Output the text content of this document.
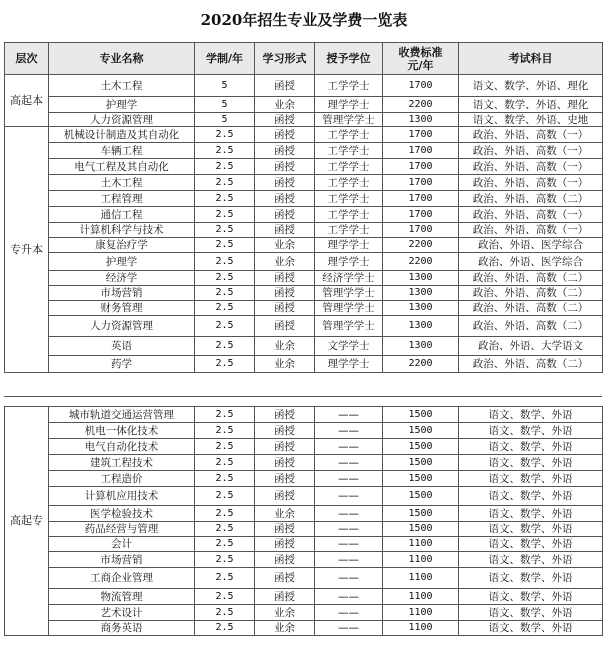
2020年招生专业及学费一览表
层次	专业名称	学制/年	学习形式	授予学位	收费标准
元/年	考试科目
高起本	土木工程	5	函授	工学学士	1700	语文、数学、外语、理化
	护理学	5	业余	理学学士	2200	语文、数学、外语、理化
	人力资源管理	5	函授	管理学学士	1300	语文、数学、外语、史地
专升本	机械设计制造及其自动化	2.5	函授	工学学士	1700	政治、外语、高数（一）
	车辆工程	2.5	函授	工学学士	1700	政治、外语、高数（一）
	电气工程及其自动化	2.5	函授	工学学士	1700	政治、外语、高数（一）
	土木工程	2.5	函授	工学学士	1700	政治、外语、高数（一）
	工程管理	2.5	函授	工学学士	1700	政治、外语、高数（二）
	通信工程	2.5	函授	工学学士	1700	政治、外语、高数（一）
	计算机科学与技术	2.5	函授	工学学士	1700	政治、外语、高数（一）
	康复治疗学	2.5	业余	理学学士	2200	政治、外语、医学综合
	护理学	2.5	业余	理学学士	2200	政治、外语、医学综合
	经济学	2.5	函授	经济学学士	1300	政治、外语、高数（二）
	市场营销	2.5	函授	管理学学士	1300	政治、外语、高数（二）
	财务管理	2.5	函授	管理学学士	1300	政治、外语、高数（二）
	人力资源管理	2.5	函授	管理学学士	1300	政治、外语、高数（二）
	英语	2.5	业余	文学学士	1300	政治、外语、大学语文
	药学	2.5	业余	理学学士	2200	政治、外语、高数（二）
高起专	城市轨道交通运营管理	2.5	函授	——	1500	语文、数学、外语
	机电一体化技术	2.5	函授	——	1500	语文、数学、外语
	电气自动化技术	2.5	函授	——	1500	语文、数学、外语
	建筑工程技术	2.5	函授	——	1500	语文、数学、外语
	工程造价	2.5	函授	——	1500	语文、数学、外语
	计算机应用技术	2.5	函授	——	1500	语文、数学、外语
	医学检验技术	2.5	业余	——	1500	语文、数学、外语
	药品经营与管理	2.5	函授	——	1500	语文、数学、外语
	会计	2.5	函授	——	1100	语文、数学、外语
	市场营销	2.5	函授	——	1100	语文、数学、外语
	工商企业管理	2.5	函授	——	1100	语文、数学、外语
	物流管理	2.5	函授	——	1100	语文、数学、外语
	艺术设计	2.5	业余	——	1100	语文、数学、外语
	商务英语	2.5	业余	——	1100	语文、数学、外语
